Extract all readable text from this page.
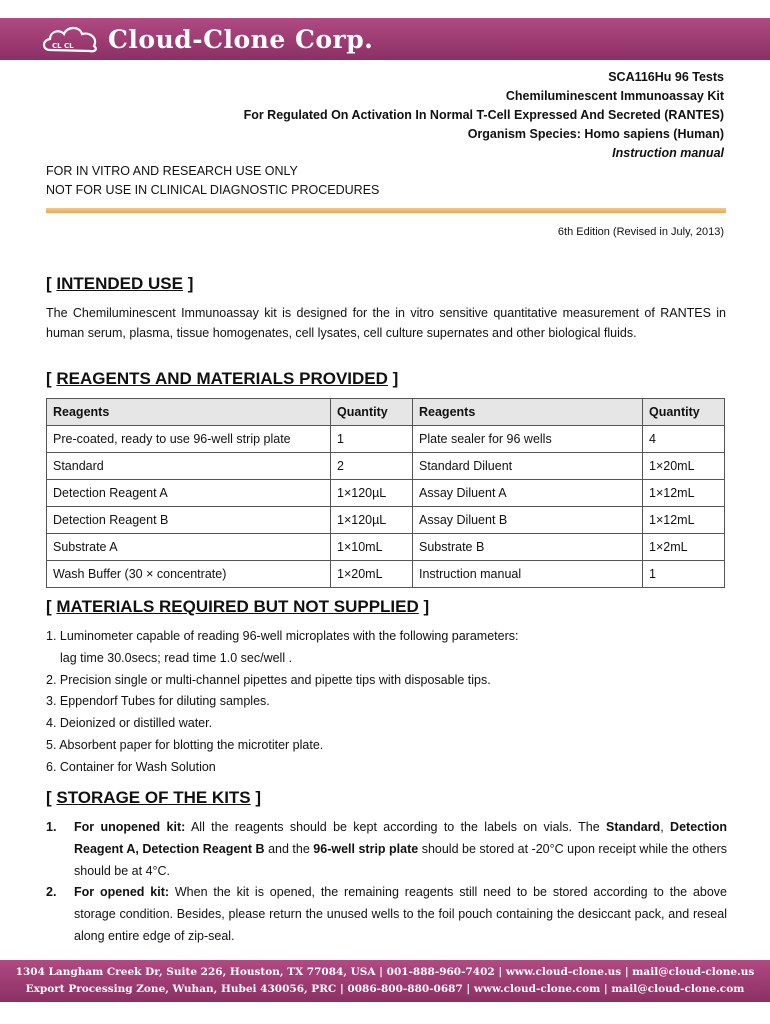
CL CL Cloud-Clone Corp.
SCA116Hu 96 Tests
Chemiluminescent Immunoassay Kit
For Regulated On Activation In Normal T-Cell Expressed And Secreted (RANTES)
Organism Species: Homo sapiens (Human)
Instruction manual
FOR IN VITRO AND RESEARCH USE ONLY
NOT FOR USE IN CLINICAL DIAGNOSTIC PROCEDURES
6th Edition (Revised in July, 2013)
[ INTENDED USE ]
The Chemiluminescent Immunoassay kit is designed for the in vitro sensitive quantitative measurement of RANTES in human serum, plasma, tissue homogenates, cell lysates, cell culture supernates and other biological fluids.
[ REAGENTS AND MATERIALS PROVIDED ]
Reagents	Quantity	Reagents	Quantity
Pre-coated, ready to use 96-well strip plate	1	Plate sealer for 96 wells	4
Standard	2	Standard Diluent	1×20mL
Detection Reagent A	1×120µL	Assay Diluent A	1×12mL
Detection Reagent B	1×120µL	Assay Diluent B	1×12mL
Substrate A	1×10mL	Substrate B	1×2mL
Wash Buffer (30 × concentrate)	1×20mL	Instruction manual	1
[ MATERIALS REQUIRED BUT NOT SUPPLIED ]
1. Luminometer capable of reading 96-well microplates with the following parameters:
lag time 30.0secs; read time 1.0 sec/well .
2. Precision single or multi-channel pipettes and pipette tips with disposable tips.
3. Eppendorf Tubes for diluting samples.
4. Deionized or distilled water.
5. Absorbent paper for blotting the microtiter plate.
6. Container for Wash Solution
[ STORAGE OF THE KITS ]
1. For unopened kit: All the reagents should be kept according to the labels on vials. The Standard, Detection Reagent A, Detection Reagent B and the 96-well strip plate should be stored at -20°C upon receipt while the others should be at 4°C.
2. For opened kit: When the kit is opened, the remaining reagents still need to be stored according to the above storage condition. Besides, please return the unused wells to the foil pouch containing the desiccant pack, and reseal along entire edge of zip-seal.
1304 Langham Creek Dr, Suite 226, Houston, TX 77084, USA | 001-888-960-7402 | www.cloud-clone.us | mail@cloud-clone.us
Export Processing Zone, Wuhan, Hubei 430056, PRC | 0086-800-880-0687 | www.cloud-clone.com | mail@cloud-clone.com
